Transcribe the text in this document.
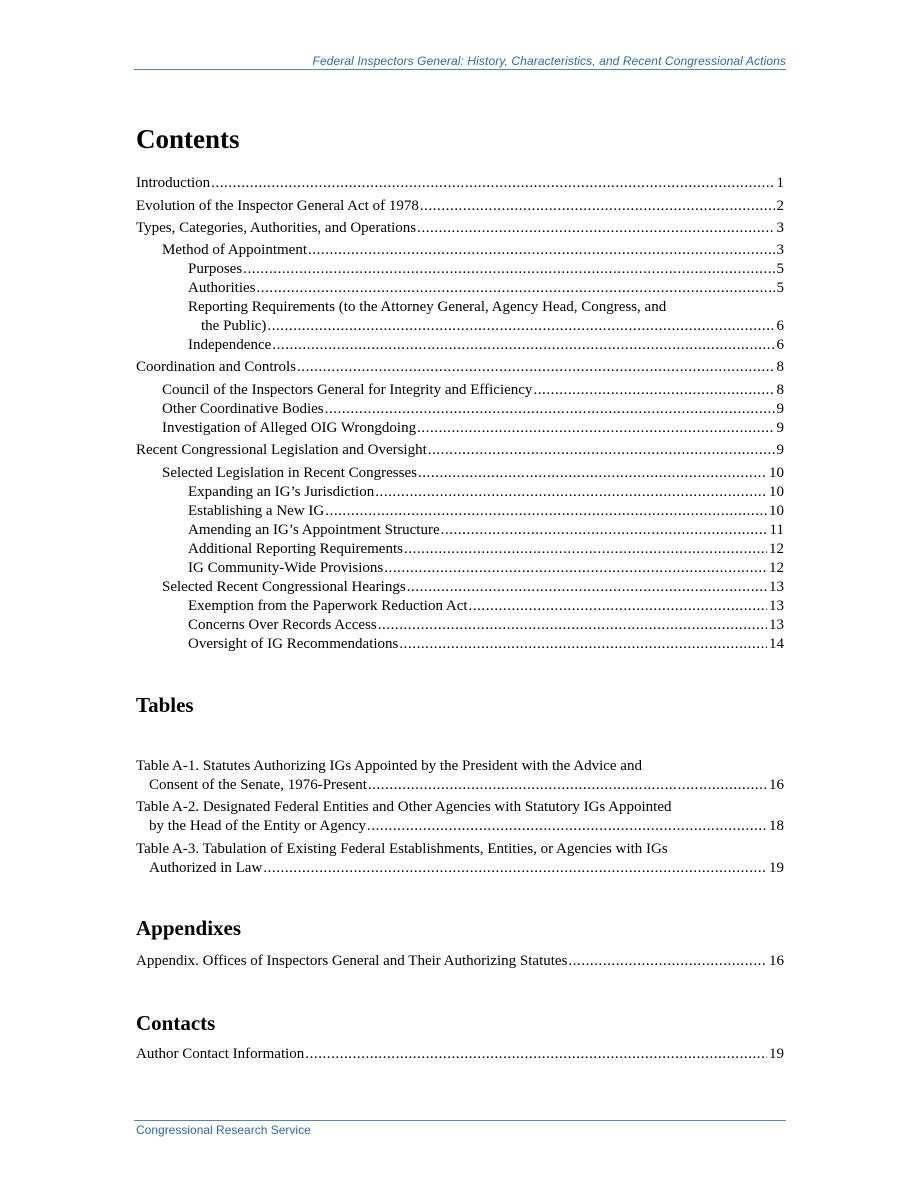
Federal Inspectors General: History, Characteristics, and Recent Congressional Actions
Contents
Introduction . . .	1
Evolution of the Inspector General Act of 1978 . . .	2
Types, Categories, Authorities, and Operations . . .	3
Method of Appointment . . .	3
Purposes . . .	5
Authorities . . .	5
Reporting Requirements (to the Attorney General, Agency Head, Congress, and
the Public) . . .	6
Independence . . .	6
Coordination and Controls . . .	8
Council of the Inspectors General for Integrity and Efficiency . . .	8
Other Coordinative Bodies . . .	9
Investigation of Alleged OIG Wrongdoing . . .	9
Recent Congressional Legislation and Oversight . . .	9
Selected Legislation in Recent Congresses . . .	10
Expanding an IG’s Jurisdiction . . .	10
Establishing a New IG . . .	10
Amending an IG’s Appointment Structure . . .	11
Additional Reporting Requirements . . .	12
IG Community-Wide Provisions . . .	12
Selected Recent Congressional Hearings . . .	13
Exemption from the Paperwork Reduction Act . . .	13
Concerns Over Records Access . . .	13
Oversight of IG Recommendations . . .	14
Tables
Table A-1. Statutes Authorizing IGs Appointed by the President with the Advice and
Consent of the Senate, 1976-Present . . .	16
Table A-2. Designated Federal Entities and Other Agencies with Statutory IGs Appointed
by the Head of the Entity or Agency . . .	18
Table A-3. Tabulation of Existing Federal Establishments, Entities, or Agencies with IGs
Authorized in Law . . .	19
Appendixes
Appendix. Offices of Inspectors General and Their Authorizing Statutes . . .	16
Contacts
Author Contact Information . . .	19
Congressional Research Service
